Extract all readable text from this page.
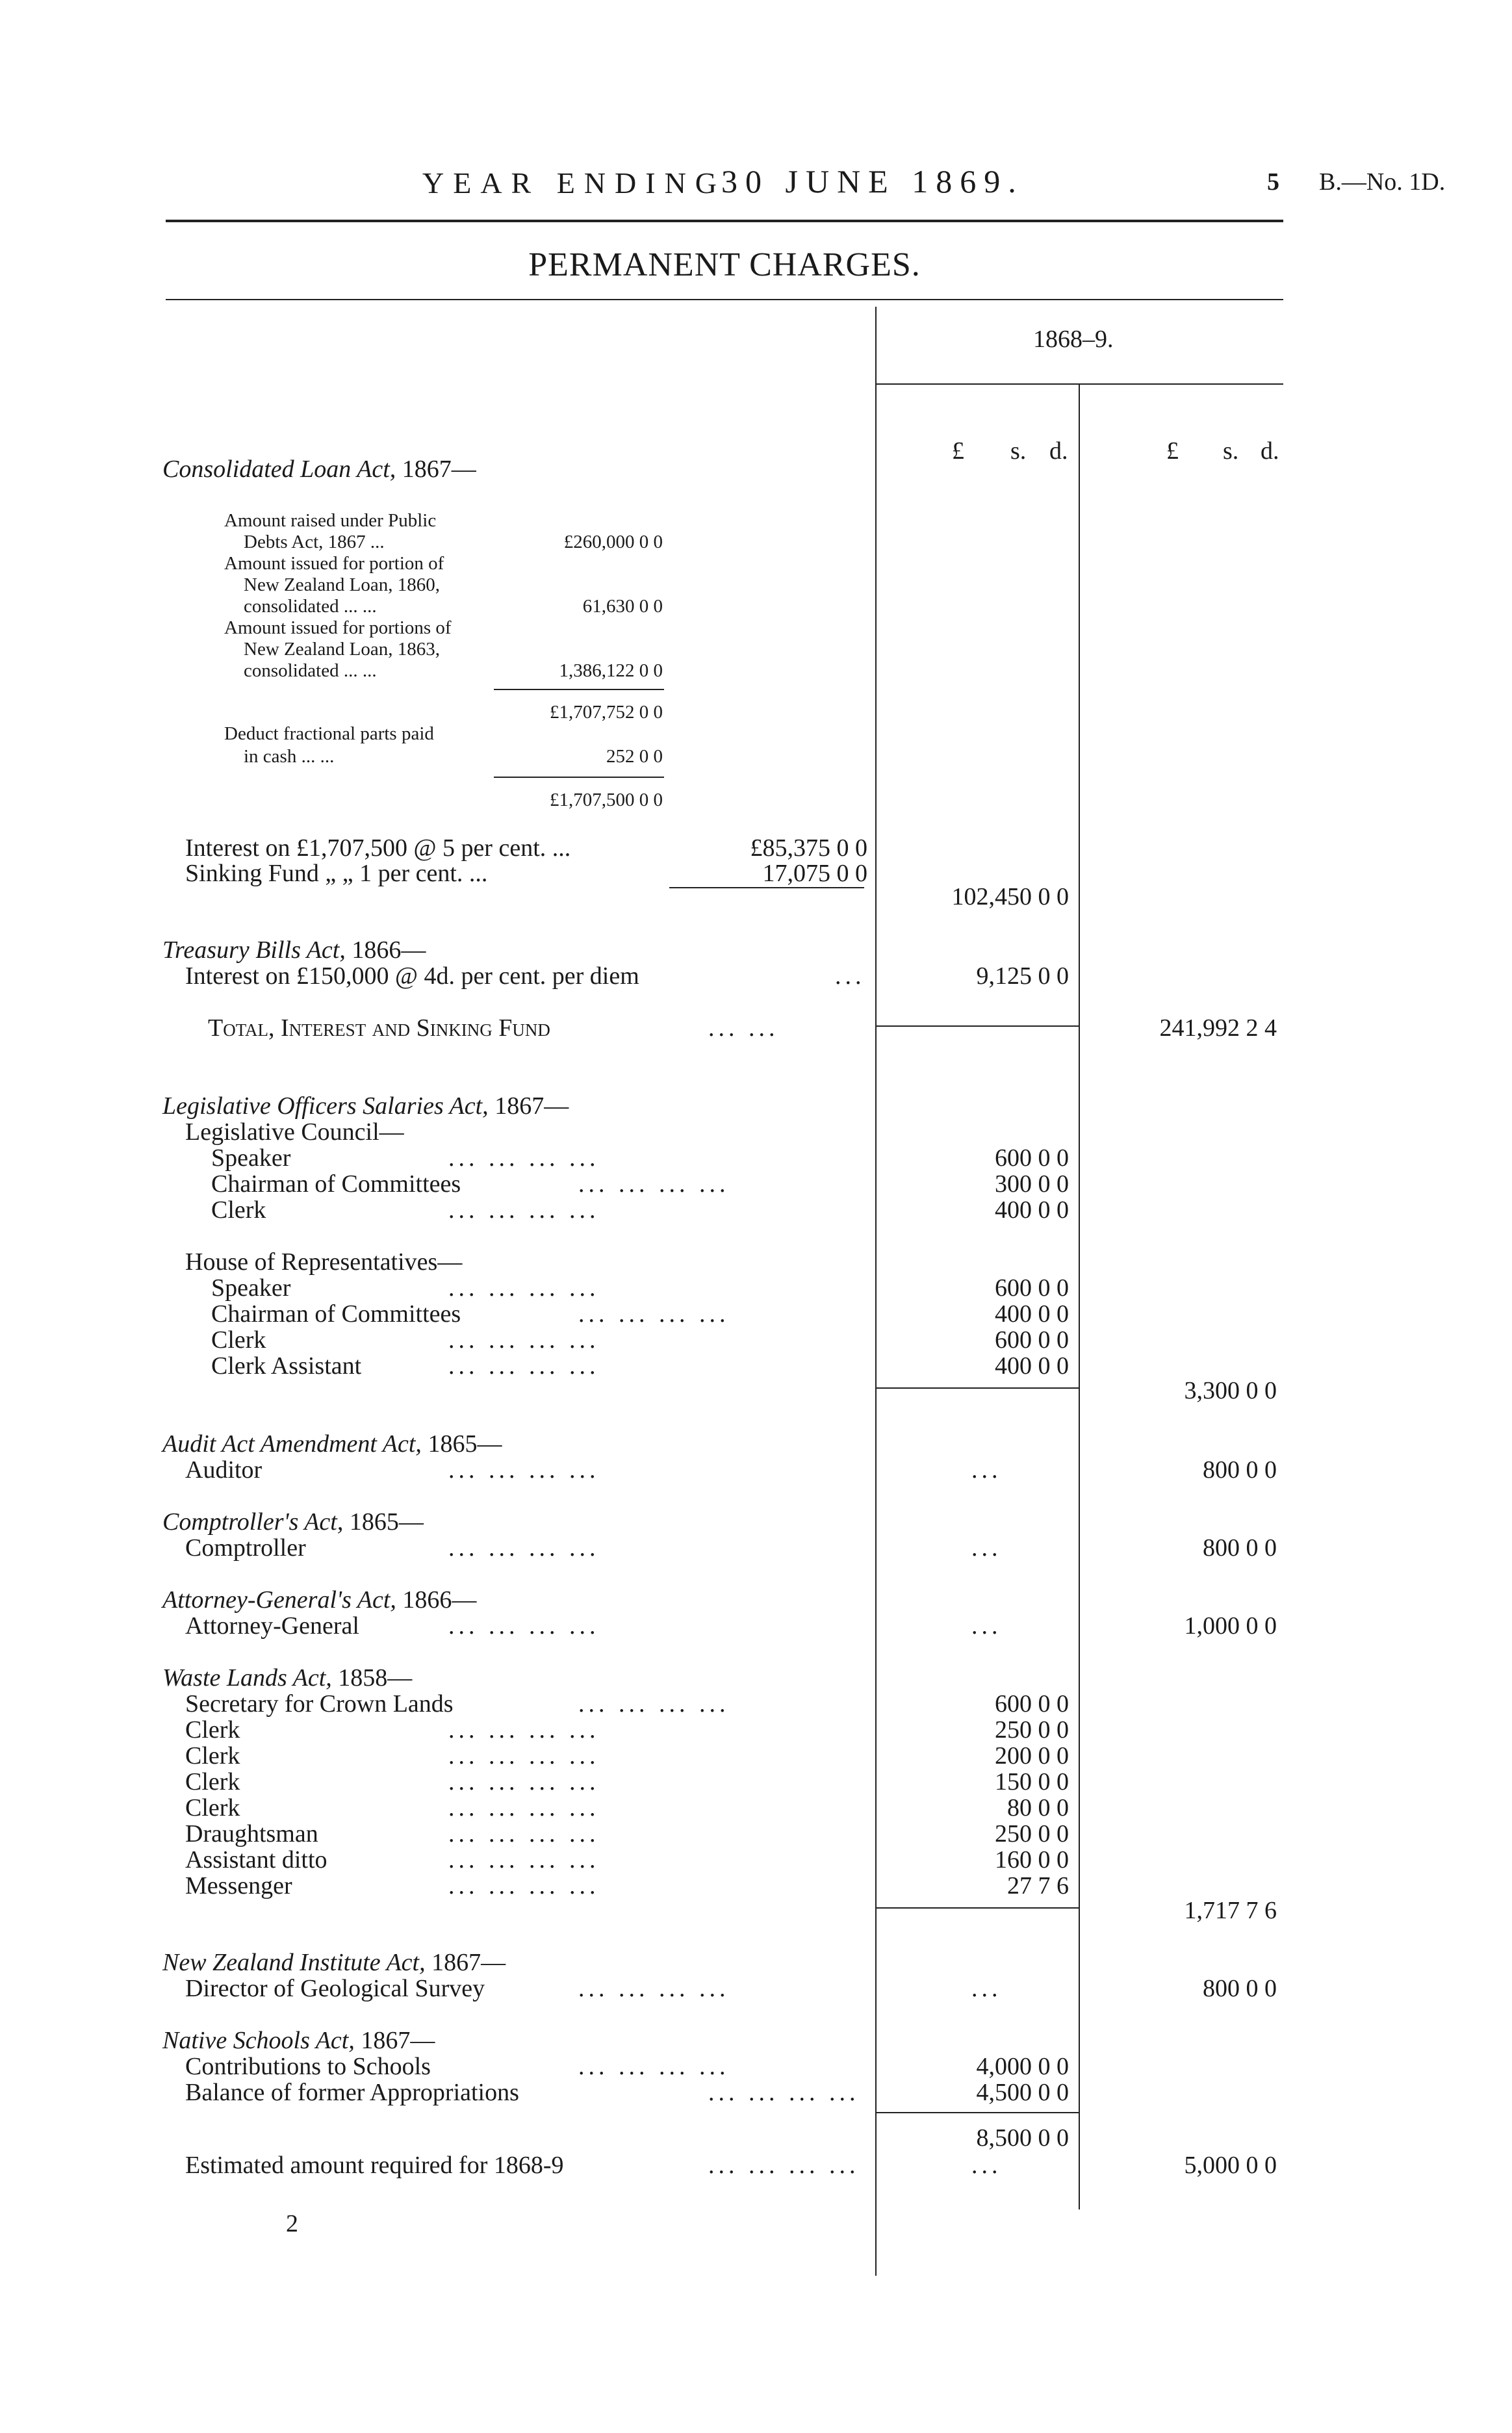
YEAR ENDING
30 JUNE 1869.	5 B.—No. 1D.
PERMANENT CHARGES.
1868–9.
£ s. d.	£ s. d.
Consolidated Loan Act, 1867—
Amount raised under Public
Debts Act, 1867 ...	£260,000 0 0
Amount issued for portion of
New Zealand Loan, 1860,
consolidated ... ...	61,630 0 0
Amount issued for portions of
New Zealand Loan, 1863,
consolidated ... ...	1,386,122 0 0
£1,707,752 0 0
Deduct fractional parts paid
in cash ... ...	252 0 0
£1,707,500 0 0
Interest on £1,707,500 @ 5 per cent. ...	£85,375 0 0
Sinking Fund „ „ 1 per cent. ...	17,075 0 0
102,450 0 0
Treasury Bills Act, 1866—
Interest on £150,000 @ 4d. per cent. per diem	...	9,125 0 0
Total, Interest and Sinking Fund	... ...	241,992 2 4
Legislative Officers Salaries Act, 1867—
Legislative Council—
Speaker	... ... ... ...	600 0 0
Chairman of Committees	... ... ... ...	300 0 0
Clerk	... ... ... ...	400 0 0
House of Representatives—
Speaker	... ... ... ...	600 0 0
Chairman of Committees	... ... ... ...	400 0 0
Clerk	... ... ... ...	600 0 0
Clerk Assistant	... ... ... ...	400 0 0
3,300 0 0
Audit Act Amendment Act, 1865—
Auditor	... ... ... ...	...	800 0 0
Comptroller's Act, 1865—
Comptroller	... ... ... ...	...	800 0 0
Attorney-General's Act, 1866—
Attorney-General	... ... ... ...	...	1,000 0 0
Waste Lands Act, 1858—
Secretary for Crown Lands	... ... ... ...	600 0 0
Clerk	... ... ... ...	250 0 0
Clerk	... ... ... ...	200 0 0
Clerk	... ... ... ...	150 0 0
Clerk	... ... ... ...	80 0 0
Draughtsman	... ... ... ...	250 0 0
Assistant ditto	... ... ... ...	160 0 0
Messenger	... ... ... ...	27 7 6
1,717 7 6
New Zealand Institute Act, 1867—
Director of Geological Survey	... ... ... ...	...	800 0 0
Native Schools Act, 1867—
Contributions to Schools	... ... ... ...	4,000 0 0
Balance of former Appropriations	... ... ... ...	4,500 0 0
8,500 0 0
Estimated amount required for 1868-9	... ... ... ...	...	5,000 0 0
2
